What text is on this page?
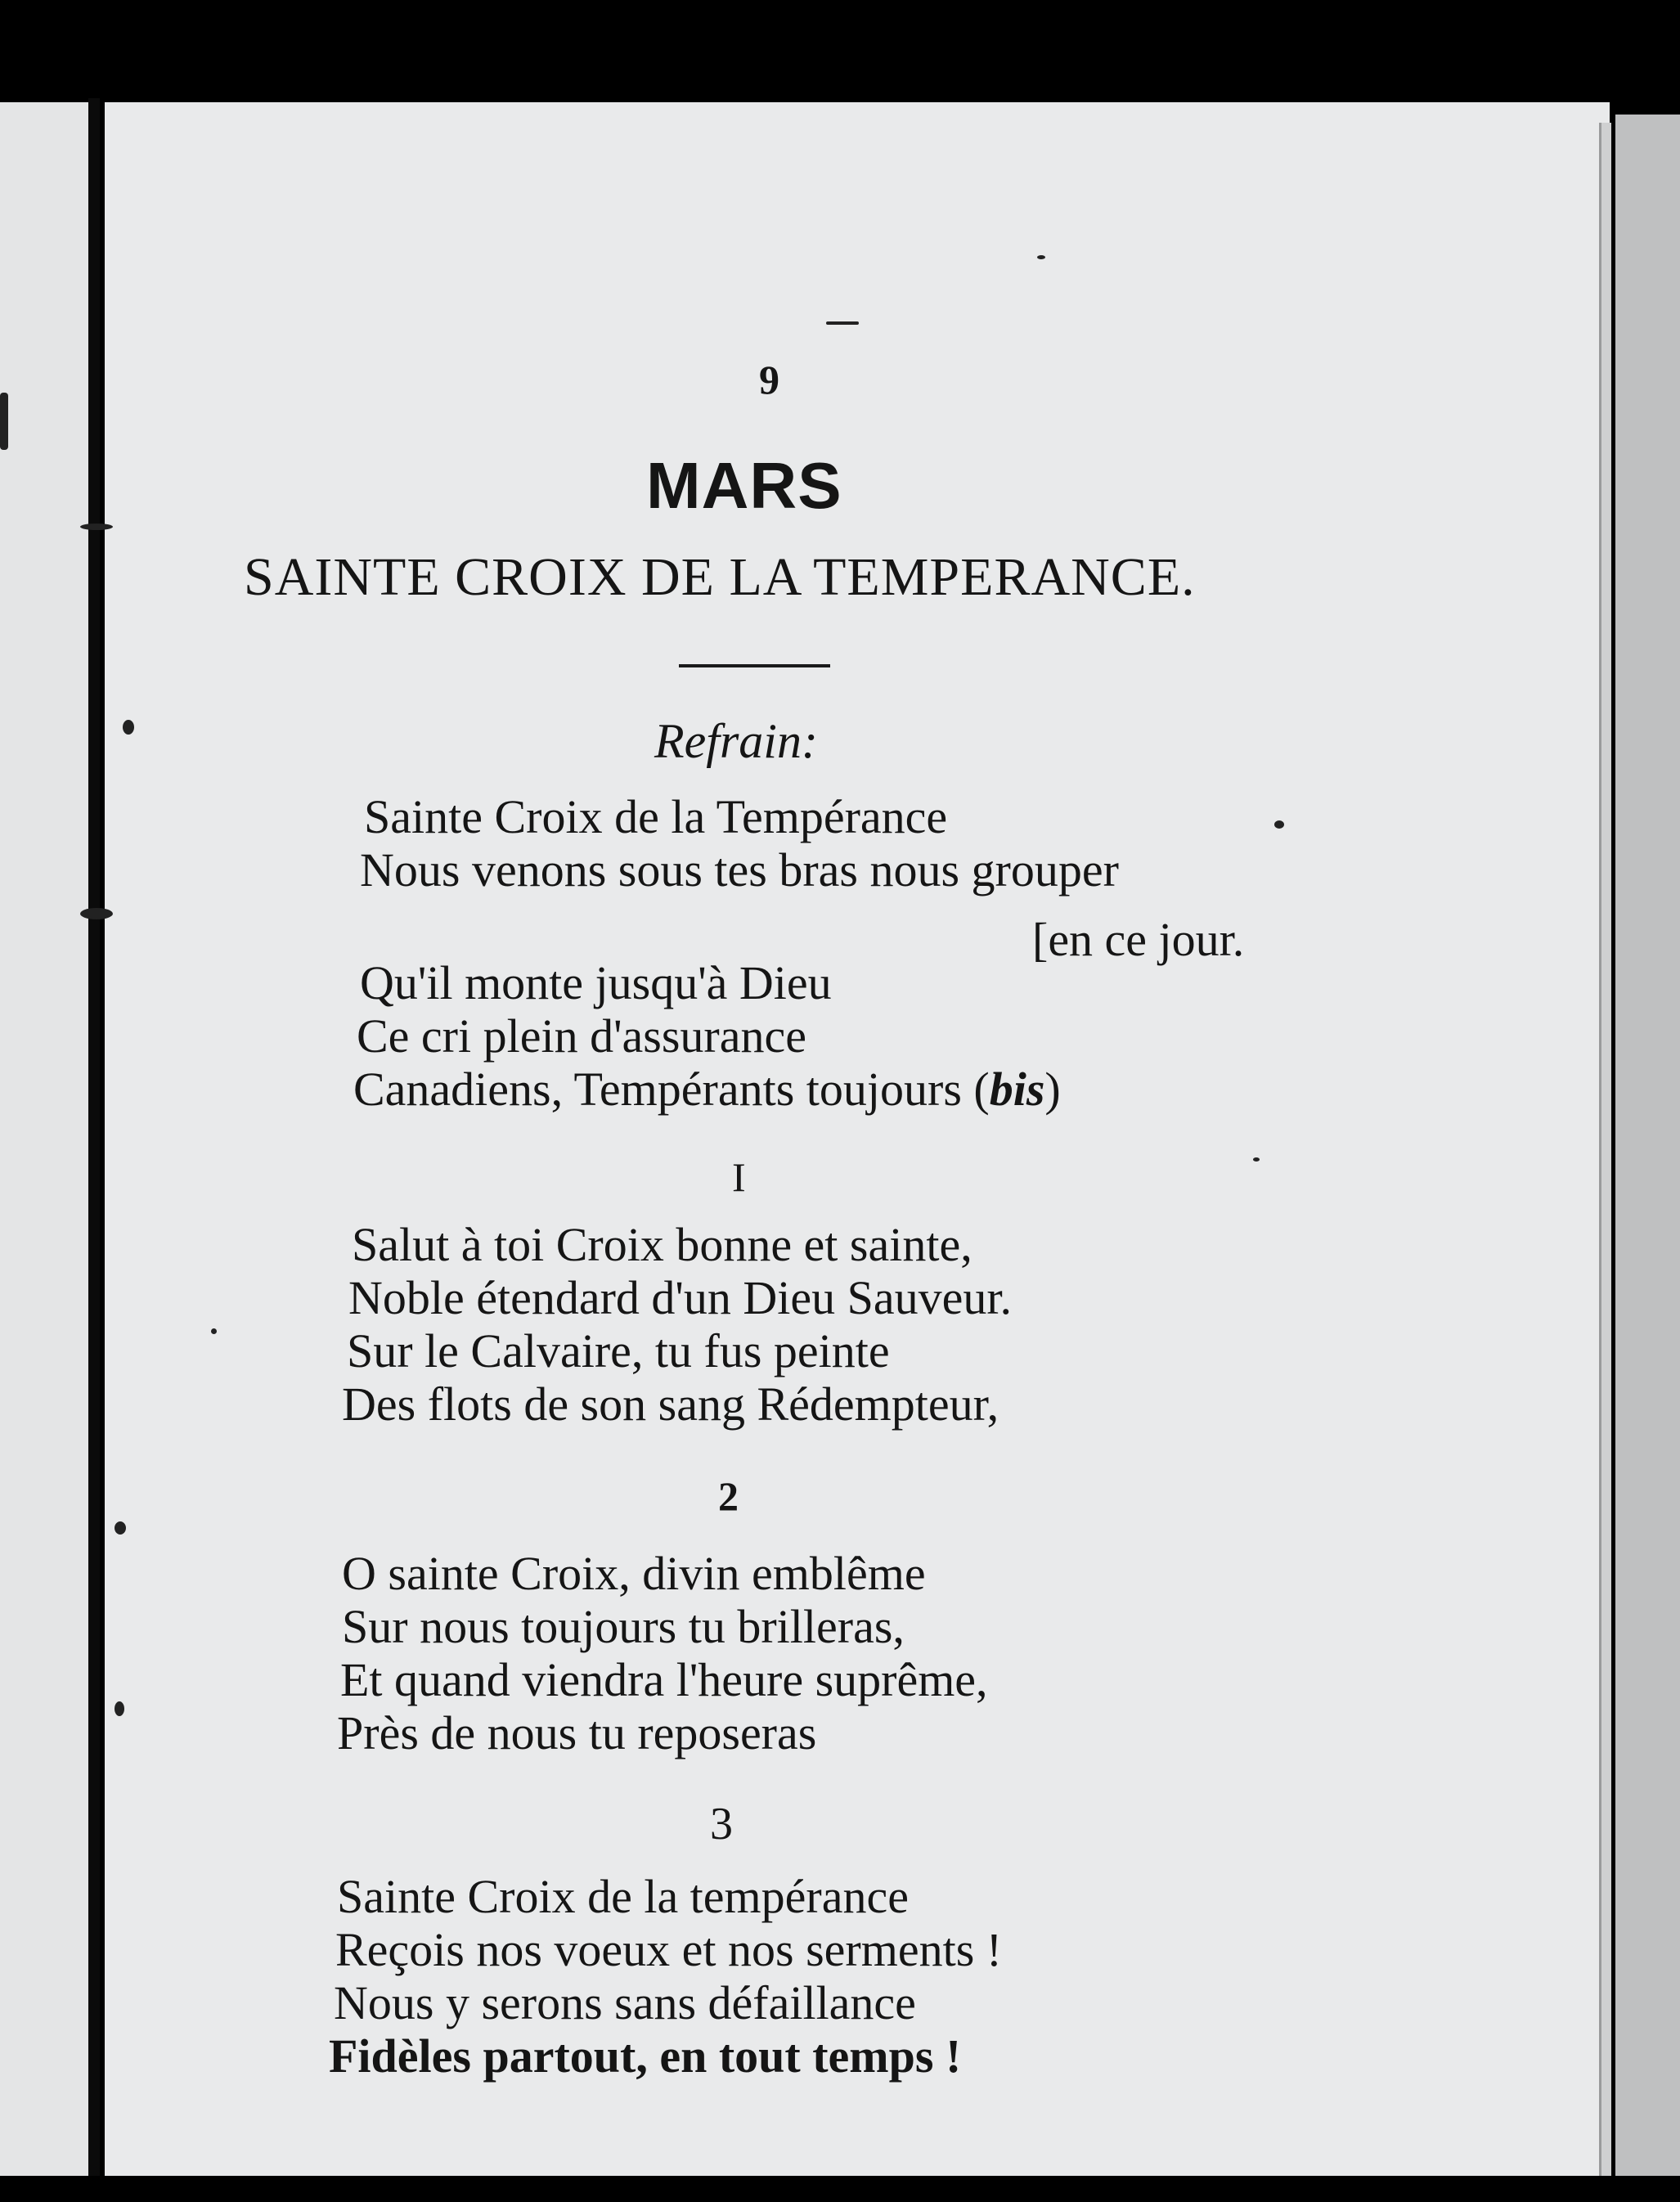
9
MARS
SAINTE CROIX DE LA TEMPERANCE.
Refrain:
Sainte Croix de la Tempérance
Nous venons sous tes bras nous grouper
[en ce jour.
Qu'il monte jusqu'à Dieu
Ce cri plein d'assurance
Canadiens, Tempérants toujours (bis)
I
Salut à toi Croix bonne et sainte,
Noble étendard d'un Dieu Sauveur.
Sur le Calvaire, tu fus peinte
Des flots de son sang Rédempteur,
2
O sainte Croix, divin emblême
Sur nous toujours tu brilleras,
Et quand viendra l'heure suprême,
Près de nous tu reposeras
3
Sainte Croix de la tempérance
Reçois nos voeux et nos serments !
Nous y serons sans défaillance
Fidèles partout, en tout temps !
